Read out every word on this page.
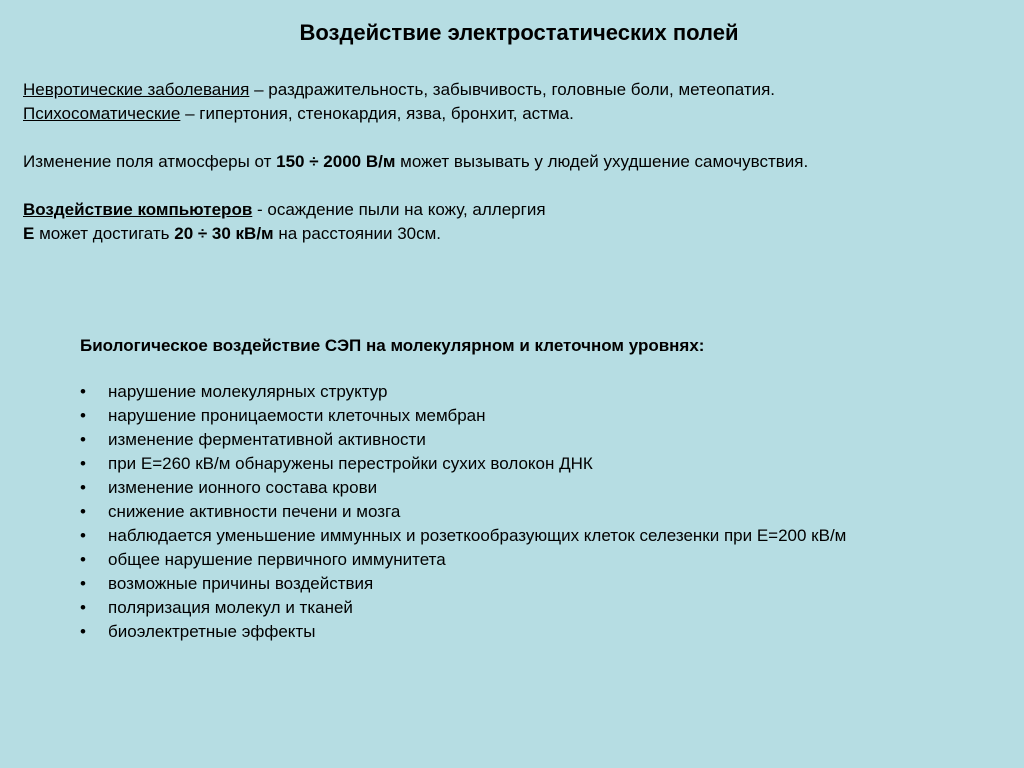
Воздействие электростатических полей
Невротические заболевания – раздражительность, забывчивость, головные боли, метеопатия.
Психосоматические – гипертония, стенокардия, язва, бронхит, астма.
Изменение поля атмосферы от 150 ÷ 2000 В/м может вызывать у людей ухудшение самочувствия.
Воздействие компьютеров - осаждение пыли на кожу, аллергия
Е может достигать 20 ÷ 30 кВ/м на расстоянии 30см.
Биологическое воздействие СЭП на молекулярном и клеточном уровнях:
• нарушение молекулярных структур
• нарушение проницаемости клеточных мембран
• изменение ферментативной активности
• при Е=260 кВ/м обнаружены перестройки сухих волокон ДНК
• изменение ионного состава крови
• снижение активности печени и мозга
• наблюдается уменьшение иммунных и розеткообразующих клеток селезенки при Е=200 кВ/м
• общее нарушение первичного иммунитета
• возможные причины воздействия
• поляризация молекул и тканей
• биоэлектретные эффекты
